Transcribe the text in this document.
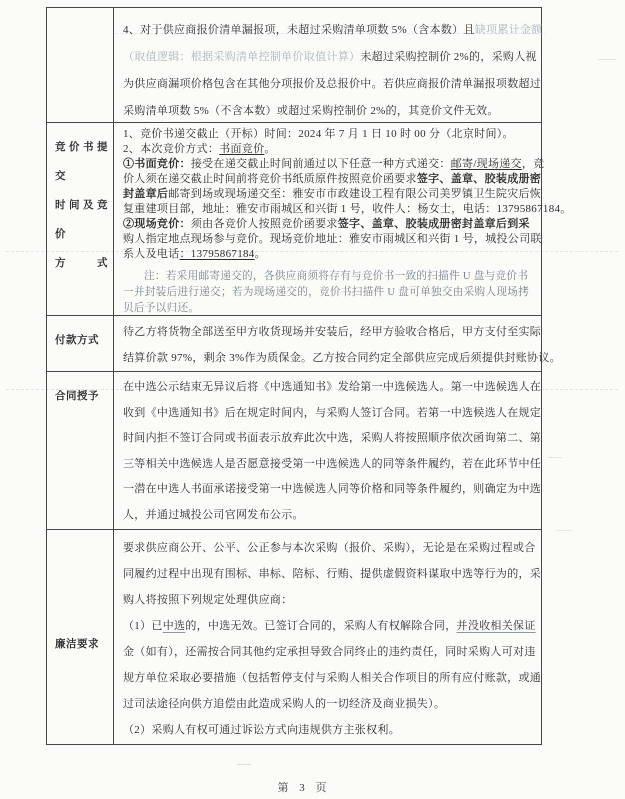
4、对于供应商报价清单漏报项，未超过采购清单项数 5%（含本数）且缺项累计金额
（取值逻辑：根据采购清单控制单价取值计算）未超过采购控制价 2%的，采购人视
为供应商漏项价格包含在其他分项报价及总报价中。若供应商报价清单漏报项数超过
采购清单项数 5%（不含本数）或超过采购控制价 2%的，其竞价文件无效。
竞价书提交
时间及竞价
方式
1、竞价书递交截止（开标）时间：2024 年 7 月 1 日 10 时 00 分（北京时间）。
2、本次竞价方式：书面竞价。
①书面竞价：接受在递交截止时间前通过以下任意一种方式递交：邮寄/现场递交，竞
价人须在递交截止时间前将竞价书纸质原件按照竞价函要求签字、盖章、胶装成册密
封盖章后邮寄到场或现场递交至：雅安市市政建设工程有限公司美罗镇卫生院灾后恢
复重建项目部，地址：雅安市雨城区和兴街 1 号，收件人：杨女士，电话：13795867184。
②现场竞价：须由各竞价人按照竞价函要求签字、盖章、胶装成册密封盖章后到采
购人指定地点现场参与竞价。现场竞价地址：雅安市雨城区和兴街 1 号，城投公司联
系人及电话：13795867184。
注：若采用邮寄递交的，各供应商须将存有与竞价书一致的扫描件 U 盘与竞价书
一并封装后进行递交；若为现场递交的，竞价书扫描件 U 盘可单独交由采购人现场拷
贝后予以归还。
付款方式
待乙方将货物全部送至甲方收货现场并安装后，经甲方验收合格后，甲方支付至实际
结算价款 97%，剩余 3%作为质保金。乙方按合同约定全部供应完成后须提供封账协议。
合同授予
在中选公示结束无异议后将《中选通知书》发给第一中选候选人。第一中选候选人在
收到《中选通知书》后在规定时间内，与采购人签订合同。若第一中选候选人在规定
时间内拒不签订合同或书面表示放弃此次中选，采购人将按照顺序依次函询第二、第
三等相关中选候选人是否愿意接受第一中选候选人的同等条件履约，若在此环节中任
一潜在中选人书面承诺接受第一中选候选人同等价格和同等条件履约，则确定为中选
人，并通过城投公司官网发布公示。
廉洁要求
要求供应商公开、公平、公正参与本次采购（报价、采购），无论是在采购过程或合
同履约过程中出现有围标、串标、陪标、行贿、提供虚假资料谋取中选等行为的，采
购人将按照下列规定处理供应商：
（1）已中选的，中选无效。已签订合同的，采购人有权解除合同，并没收相关保证
金（如有），还需按合同其他约定承担导致合同终止的违约责任，同时采购人可对违
规方单位采取必要措施（包括暂停支付与采购人相关合作项目的所有应付账款，或通
过司法途径向供方追偿由此造成采购人的一切经济及商业损失）。
（2）采购人有权可通过诉讼方式向违规供方主张权利。
第 3 页
